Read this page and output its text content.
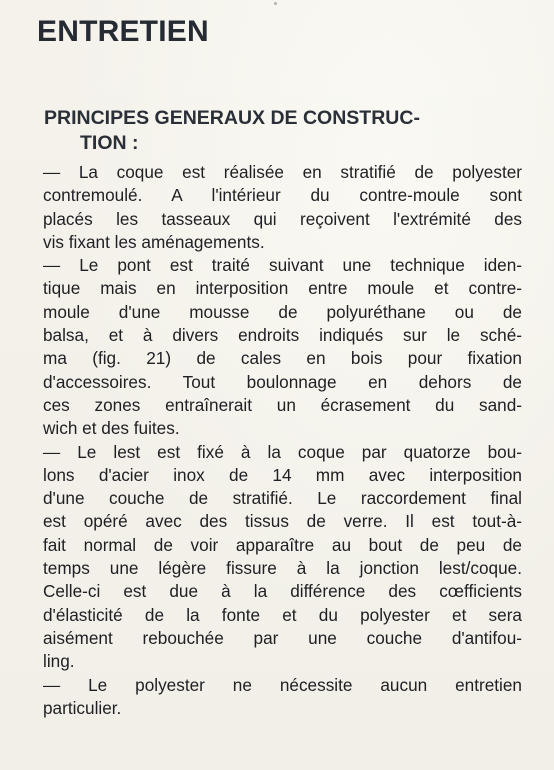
ENTRETIEN
PRINCIPES GENERAUX DE CONSTRUC-
TION :
— La coque est réalisée en stratifié de polyester
contremoulé. A l'intérieur du contre-moule sont
placés les tasseaux qui reçoivent l'extrémité des
vis fixant les aménagements.
— Le pont est traité suivant une technique iden-
tique mais en interposition entre moule et contre-
moule d'une mousse de polyuréthane ou de
balsa, et à divers endroits indiqués sur le sché-
ma (fig. 21) de cales en bois pour fixation
d'accessoires. Tout boulonnage en dehors de
ces zones entraînerait un écrasement du sand-
wich et des fuites.
— Le lest est fixé à la coque par quatorze bou-
lons d'acier inox de 14 mm avec interposition
d'une couche de stratifié. Le raccordement final
est opéré avec des tissus de verre. Il est tout-à-
fait normal de voir apparaître au bout de peu de
temps une légère fissure à la jonction lest/coque.
Celle-ci est due à la différence des cœfficients
d'élasticité de la fonte et du polyester et sera
aisément rebouchée par une couche d'antifou-
ling.
— Le polyester ne nécessite aucun entretien
particulier.
